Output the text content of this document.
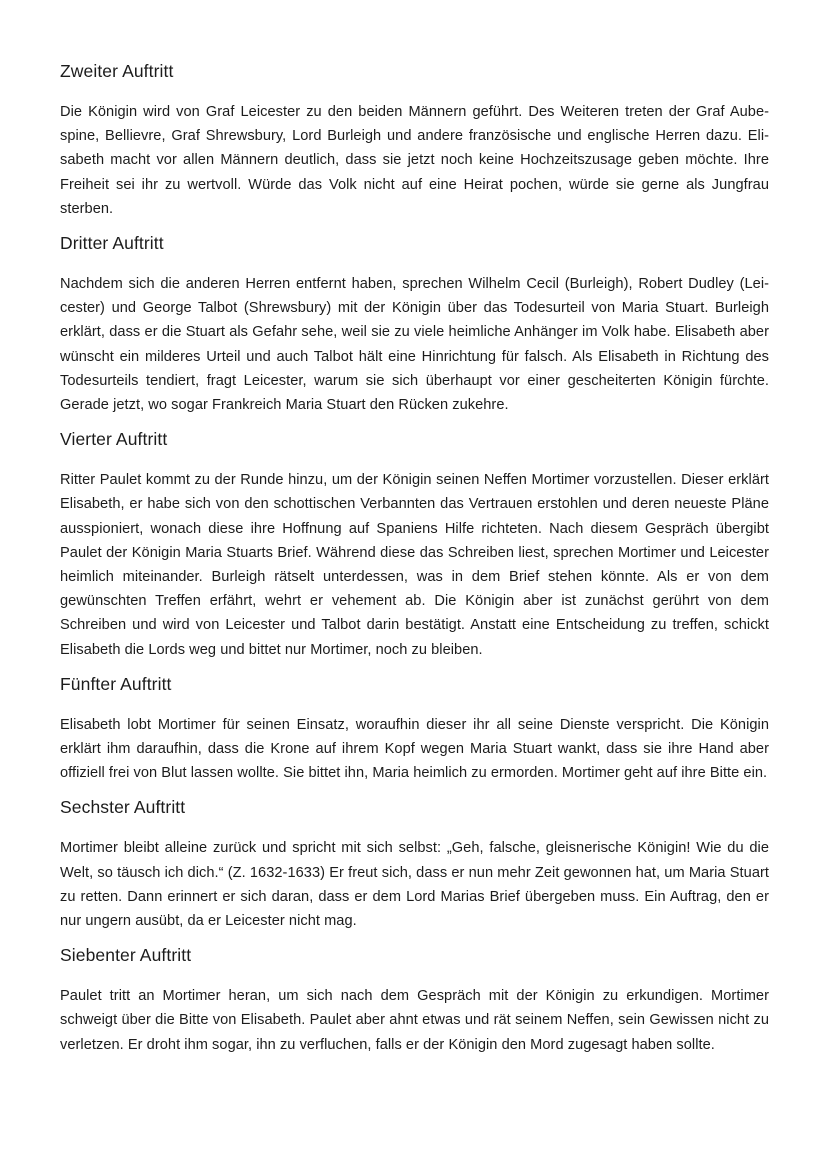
Zweiter Auftritt

Die Königin wird von Graf Leicester zu den beiden Männern geführt. Des Weiteren treten der Graf Aubespine, Bellievre, Graf Shrewsbury, Lord Burleigh und andere französische und englische Herren dazu. Elisabeth macht vor allen Männern deutlich, dass sie jetzt noch keine Hochzeitszusage geben möchte. Ihre Freiheit sei ihr zu wertvoll. Würde das Volk nicht auf eine Heirat pochen, würde sie gerne als Jungfrau sterben.

Dritter Auftritt

Nachdem sich die anderen Herren entfernt haben, sprechen Wilhelm Cecil (Burleigh), Robert Dudley (Leicester) und George Talbot (Shrewsbury) mit der Königin über das Todesurteil von Maria Stuart. Burleigh erklärt, dass er die Stuart als Gefahr sehe, weil sie zu viele heimliche Anhänger im Volk habe. Elisabeth aber wünscht ein milderes Urteil und auch Talbot hält eine Hinrichtung für falsch. Als Elisabeth in Richtung des Todesurteils tendiert, fragt Leicester, warum sie sich überhaupt vor einer gescheiterten Königin fürchte. Gerade jetzt, wo sogar Frankreich Maria Stuart den Rücken zukehre.

Vierter Auftritt

Ritter Paulet kommt zu der Runde hinzu, um der Königin seinen Neffen Mortimer vorzustellen. Dieser erklärt Elisabeth, er habe sich von den schottischen Verbannten das Vertrauen erstohlen und deren neueste Pläne ausspioniert, wonach diese ihre Hoffnung auf Spaniens Hilfe richteten. Nach diesem Gespräch übergibt Paulet der Königin Maria Stuarts Brief. Während diese das Schreiben liest, sprechen Mortimer und Leicester heimlich miteinander. Burleigh rätselt unterdessen, was in dem Brief stehen könnte. Als er von dem gewünschten Treffen erfährt, wehrt er vehement ab. Die Königin aber ist zunächst gerührt von dem Schreiben und wird von Leicester und Talbot darin bestätigt. Anstatt eine Entscheidung zu treffen, schickt Elisabeth die Lords weg und bittet nur Mortimer, noch zu bleiben.

Fünfter Auftritt

Elisabeth lobt Mortimer für seinen Einsatz, woraufhin dieser ihr all seine Dienste verspricht. Die Königin erklärt ihm daraufhin, dass die Krone auf ihrem Kopf wegen Maria Stuart wankt, dass sie ihre Hand aber offiziell frei von Blut lassen wollte. Sie bittet ihn, Maria heimlich zu ermorden. Mortimer geht auf ihre Bitte ein.

Sechster Auftritt

Mortimer bleibt alleine zurück und spricht mit sich selbst: „Geh, falsche, gleisnerische Königin! Wie du die Welt, so täusch ich dich.“ (Z. 1632-1633) Er freut sich, dass er nun mehr Zeit gewonnen hat, um Maria Stuart zu retten. Dann erinnert er sich daran, dass er dem Lord Marias Brief übergeben muss. Ein Auftrag, den er nur ungern ausübt, da er Leicester nicht mag.

Siebenter Auftritt

Paulet tritt an Mortimer heran, um sich nach dem Gespräch mit der Königin zu erkundigen. Mortimer schweigt über die Bitte von Elisabeth. Paulet aber ahnt etwas und rät seinem Neffen, sein Gewissen nicht zu verletzen. Er droht ihm sogar, ihn zu verfluchen, falls er der Königin den Mord zugesagt haben sollte.
